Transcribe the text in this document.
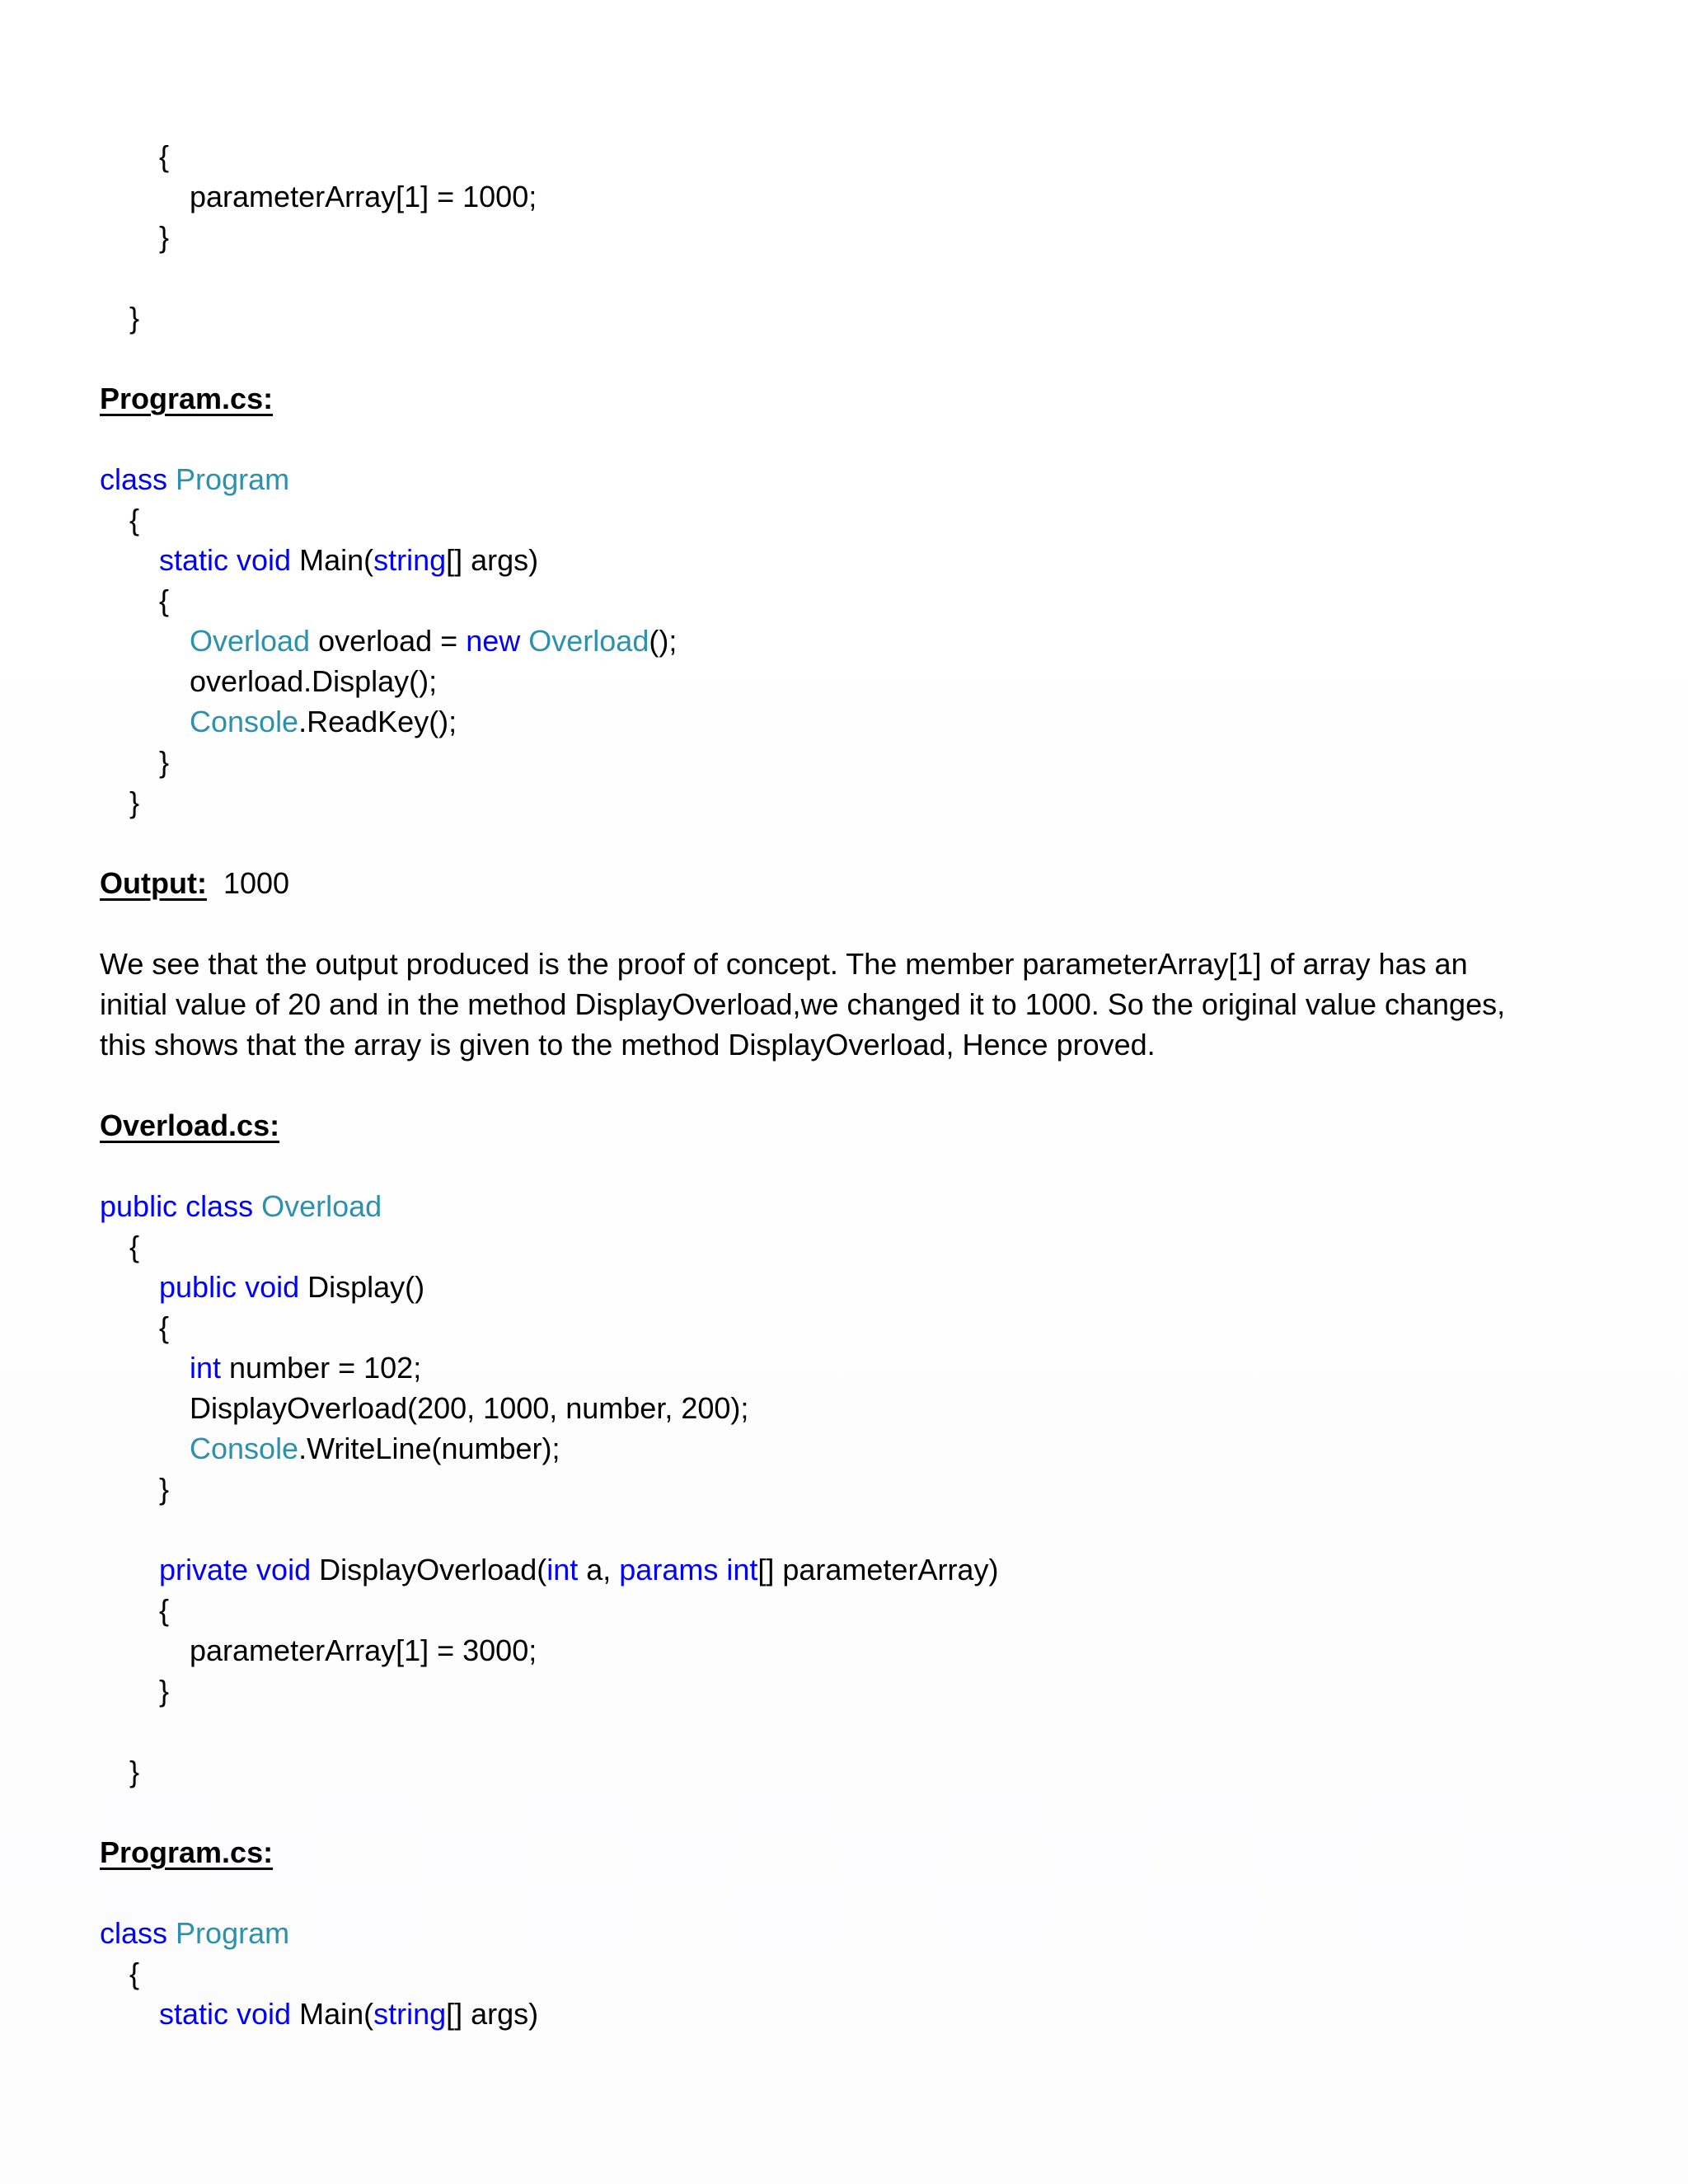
{
parameterArray[1] = 1000;
}
}
Program.cs:
class Program
{
static void Main(string[] args)
{
Overload overload = new Overload();
overload.Display();
Console.ReadKey();
}
}
Output: 1000
We see that the output produced is the proof of concept. The member parameterArray[1] of array has an
initial value of 20 and in the method DisplayOverload,we changed it to 1000. So the original value changes,
this shows that the array is given to the method DisplayOverload, Hence proved.
Overload.cs:
public class Overload
{
public void Display()
{
int number = 102;
DisplayOverload(200, 1000, number, 200);
Console.WriteLine(number);
}
private void DisplayOverload(int a, params int[] parameterArray)
{
parameterArray[1] = 3000;
}
}
Program.cs:
class Program
{
static void Main(string[] args)
